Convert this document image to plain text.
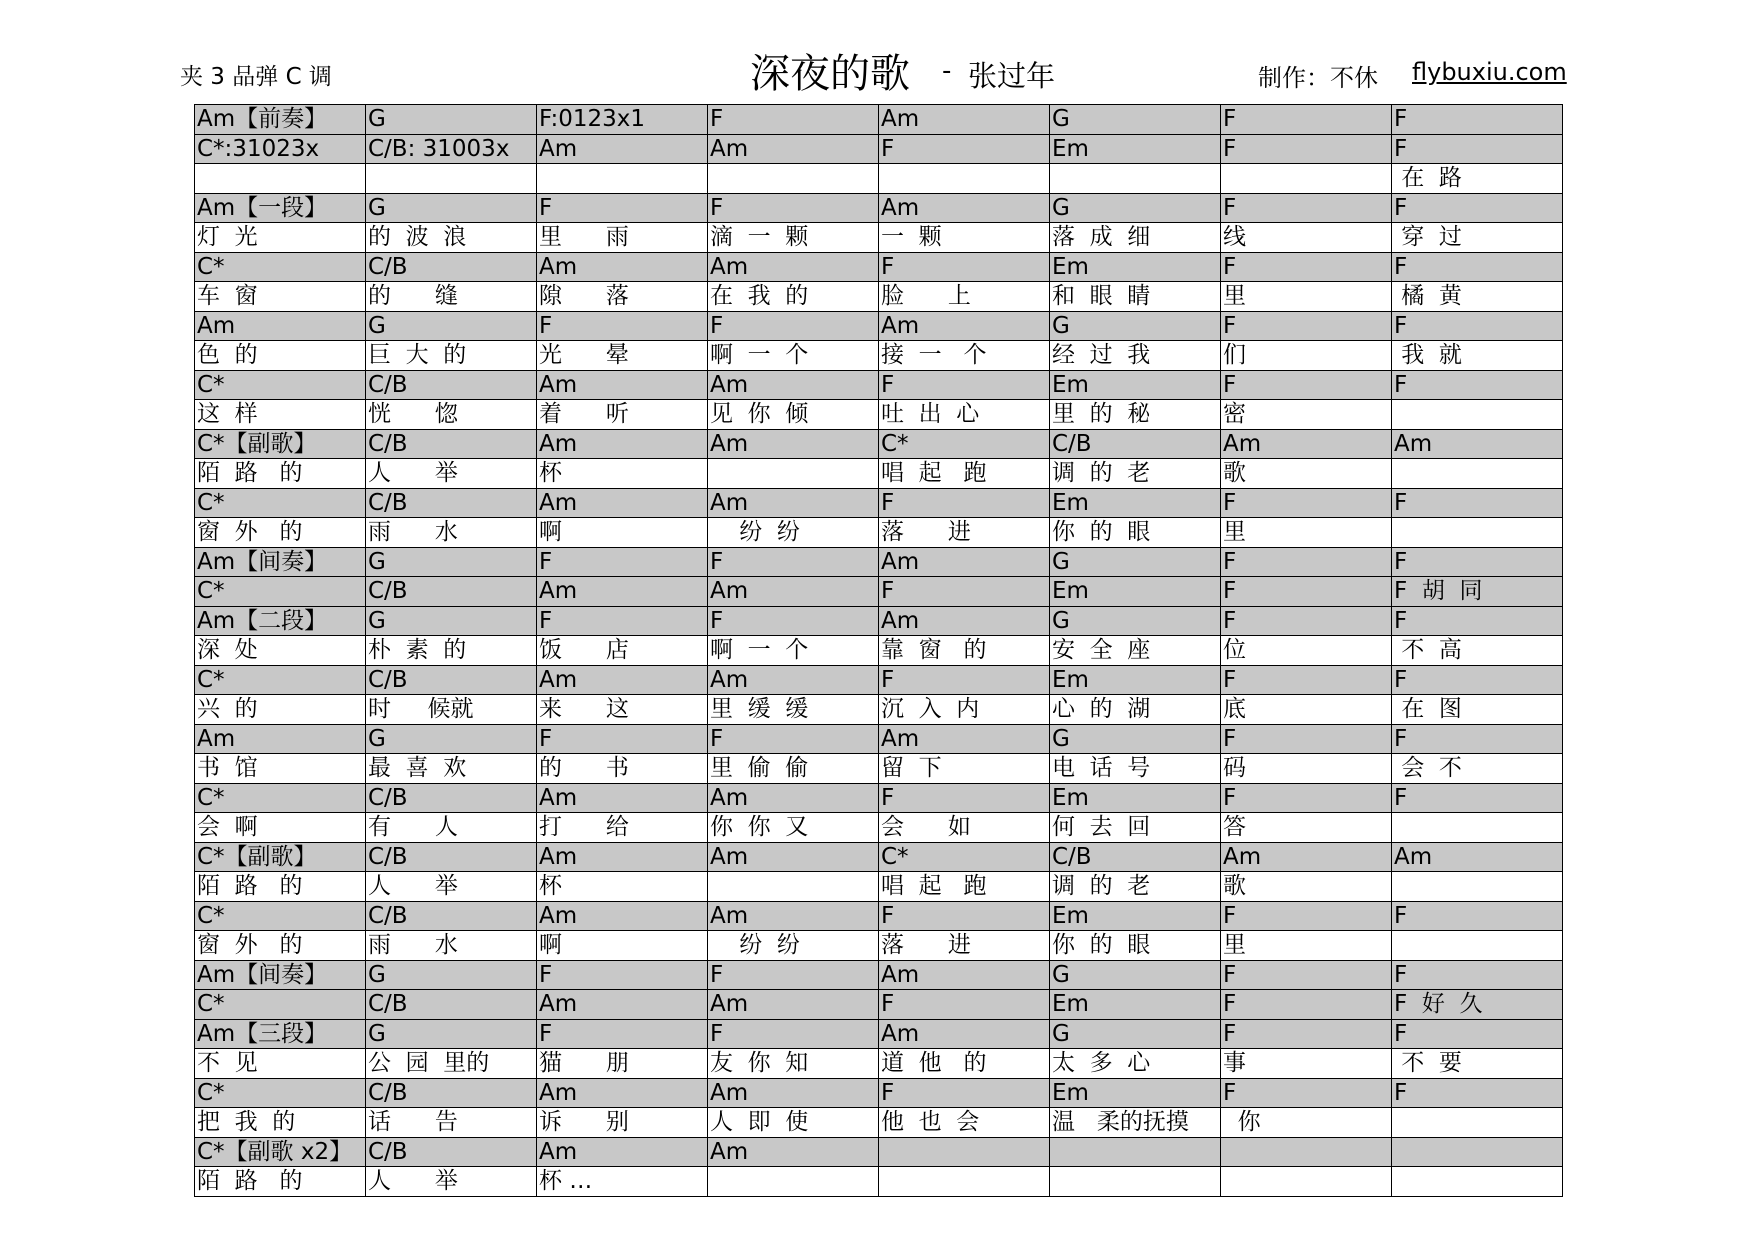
夹 3 品弹 C 调	深夜的歌 - 张过年	制作：不休 flybuxiu.com
Am【前奏】	G	F:0123x1	F	Am	G	F	F

C*:31023x	C/B: 31003x	Am	Am	F	Em	F	F

							在  路

Am【一段】	G	F	F	Am	G	F	F

灯  光	的  波  浪	里      雨	滴  一  颗	一  颗	落  成  细	线	穿  过

C*	C/B	Am	Am	F	Em	F	F

车  窗	的      缝	隙      落	在  我  的	脸      上	和  眼  睛	里	橘  黄

Am	G	F	F	Am	G	F	F

色  的	巨  大  的	光      晕	啊  一  个	接  一   个	经  过  我	们	我  就

C*	C/B	Am	Am	F	Em	F	F

这  样	恍      惚	着      听	见  你  倾	吐  出  心	里  的  秘	密	

C*【副歌】	C/B	Am	Am	C*	C/B	Am	Am

陌  路   的	人      举	杯		唱  起   跑	调  的  老	歌	

C*	C/B	Am	Am	F	Em	F	F

窗  外   的	雨      水	啊	纷  纷	落      进	你  的  眼	里	

Am【间奏】	G	F	F	Am	G	F	F

C*	C/B	Am	Am	F	Em	F	F  胡  同

Am【二段】	G	F	F	Am	G	F	F

深  处	朴  素  的	饭      店	啊  一  个	靠  窗   的	安  全  座	位	不  高

C*	C/B	Am	Am	F	Em	F	F

兴  的	时     候就	来      这	里  缓  缓	沉  入  内	心  的  湖	底	在  图

Am	G	F	F	Am	G	F	F

书  馆	最  喜  欢	的      书	里  偷  偷	留  下	电  话  号	码	会  不

C*	C/B	Am	Am	F	Em	F	F

会  啊	有      人	打      给	你  你  又	会      如	何  去  回	答	

C*【副歌】	C/B	Am	Am	C*	C/B	Am	Am

陌  路   的	人      举	杯		唱  起   跑	调  的  老	歌	

C*	C/B	Am	Am	F	Em	F	F

窗  外   的	雨      水	啊	纷  纷	落      进	你  的  眼	里	

Am【间奏】	G	F	F	Am	G	F	F

C*	C/B	Am	Am	F	Em	F	F  好  久

Am【三段】	G	F	F	Am	G	F	F

不  见	公  园  里的	猫      朋	友  你  知	道  他   的	太  多  心	事	不  要

C*	C/B	Am	Am	F	Em	F	F

把  我  的	话      告	诉      别	人  即  使	他  也  会	温   柔的抚摸	你	

C*【副歌 x2】	C/B	Am	Am				

陌  路   的	人      举	杯 …					
